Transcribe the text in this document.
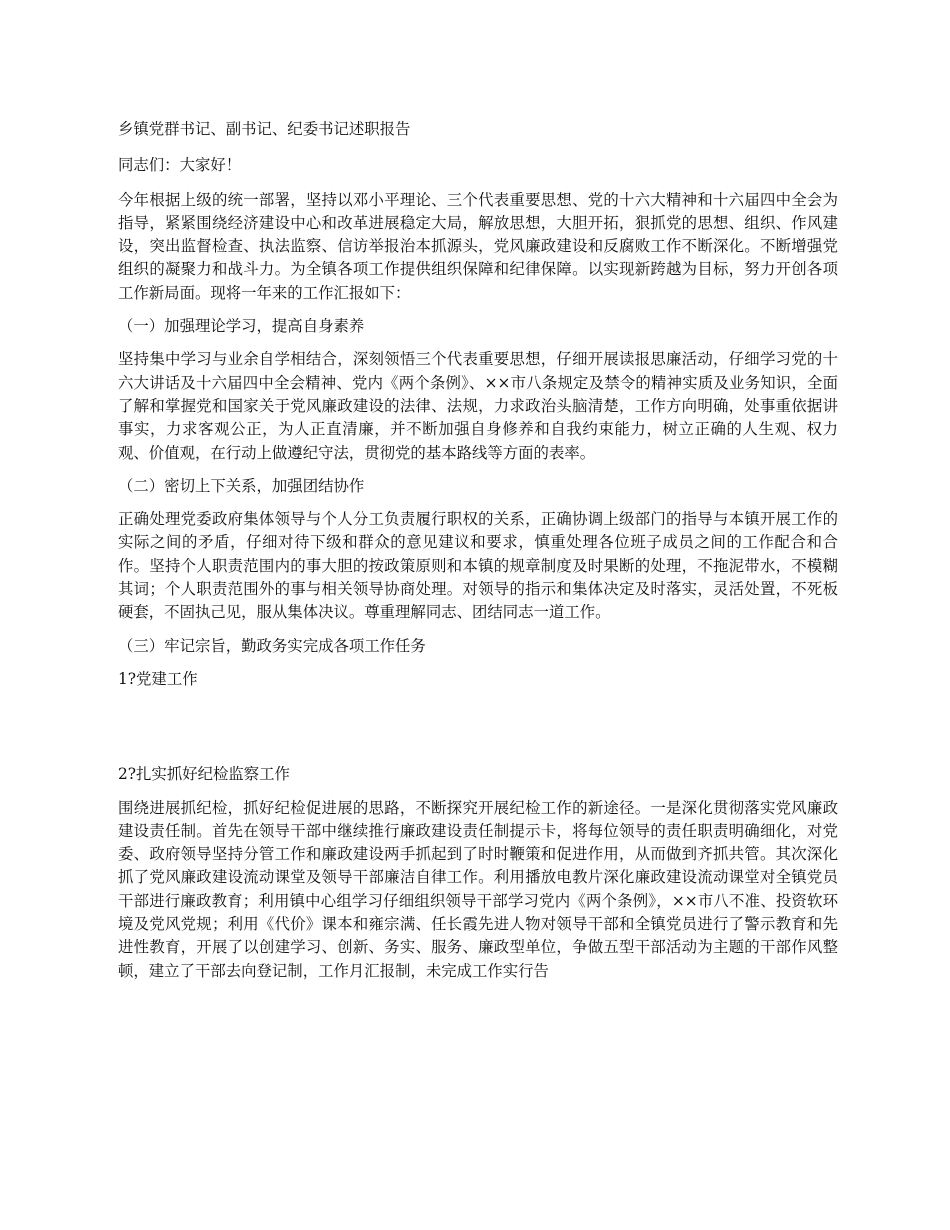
乡镇党群书记、副书记、纪委书记述职报告

同志们：大家好！

今年根据上级的统一部署，坚持以邓小平理论、三个代表重要思想、党的十六大精神和十六届四中全会为指导，紧紧围绕经济建设中心和改革进展稳定大局，解放思想，大胆开拓，狠抓党的思想、组织、作风建设，突出监督检查、执法监察、信访举报治本抓源头，党风廉政建设和反腐败工作不断深化。不断增强党组织的凝聚力和战斗力。为全镇各项工作提供组织保障和纪律保障。以实现新跨越为目标，努力开创各项工作新局面。现将一年来的工作汇报如下：

（一）加强理论学习，提高自身素养

坚持集中学习与业余自学相结合，深刻领悟三个代表重要思想，仔细开展读报思廉活动，仔细学习党的十六大讲话及十六届四中全会精神、党内《两个条例》、××市八条规定及禁令的精神实质及业务知识，全面了解和掌握党和国家关于党风廉政建设的法律、法规，力求政治头脑清楚，工作方向明确，处事重依据讲事实，力求客观公正，为人正直清廉，并不断加强自身修养和自我约束能力，树立正确的人生观、权力观、价值观，在行动上做遵纪守法，贯彻党的基本路线等方面的表率。

（二）密切上下关系，加强团结协作

正确处理党委政府集体领导与个人分工负责履行职权的关系，正确协调上级部门的指导与本镇开展工作的实际之间的矛盾，仔细对待下级和群众的意见建议和要求，慎重处理各位班子成员之间的工作配合和合作。坚持个人职责范围内的事大胆的按政策原则和本镇的规章制度及时果断的处理，不拖泥带水，不模糊其词；个人职责范围外的事与相关领导协商处理。对领导的指示和集体决定及时落实，灵活处置，不死板硬套，不固执己见，服从集体决议。尊重理解同志、团结同志一道工作。

（三）牢记宗旨，勤政务实完成各项工作任务

1?党建工作

2?扎实抓好纪检监察工作

围绕进展抓纪检，抓好纪检促进展的思路，不断探究开展纪检工作的新途径。一是深化贯彻落实党风廉政建设责任制。首先在领导干部中继续推行廉政建设责任制提示卡，将每位领导的责任职责明确细化，对党委、政府领导坚持分管工作和廉政建设两手抓起到了时时鞭策和促进作用，从而做到齐抓共管。其次深化抓了党风廉政建设流动课堂及领导干部廉洁自律工作。利用播放电教片深化廉政建设流动课堂对全镇党员干部进行廉政教育；利用镇中心组学习仔细组织领导干部学习党内《两个条例》，××市八不准、投资软环境及党风党规；利用《代价》课本和雍宗满、任长霞先进人物对领导干部和全镇党员进行了警示教育和先进性教育，开展了以创建学习、创新、务实、服务、廉政型单位，争做五型干部活动为主题的干部作风整顿，建立了干部去向登记制，工作月汇报制，未完成工作实行告
